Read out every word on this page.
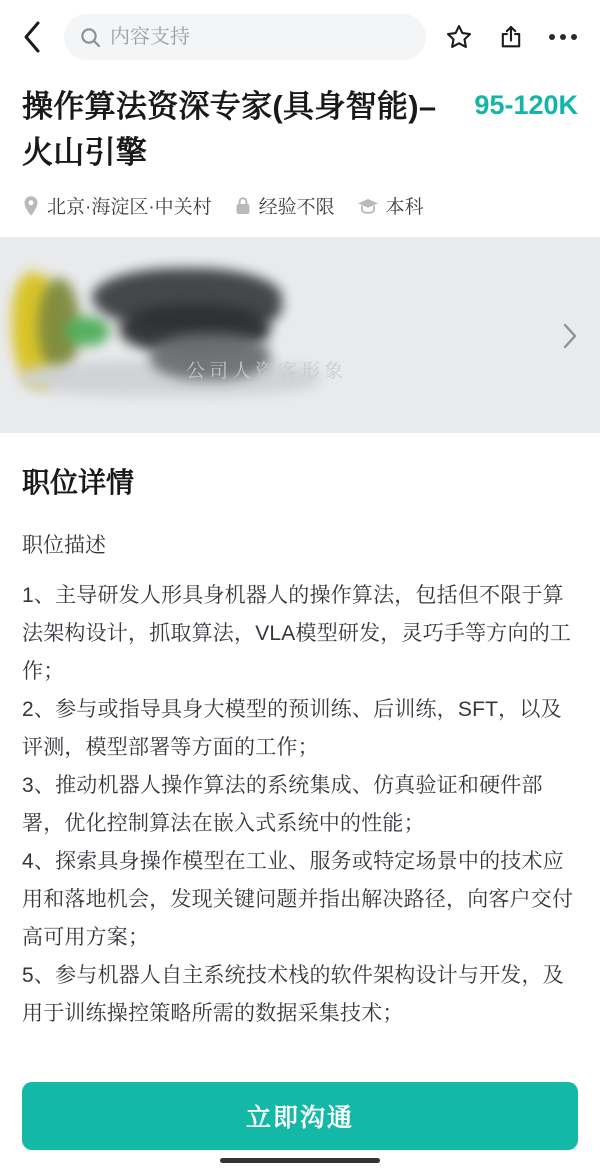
内容支持
操作算法资深专家(具身智能)–火山引擎
95-120K
北京·海淀区·中关村 经验不限	本科
公司人资客形象
职位详情
职位描述
1、主导研发人形具身机器人的操作算法，包括但不限于算法架构设计，抓取算法，VLA模型研发，灵巧手等方向的工作；
2、参与或指导具身大模型的预训练、后训练，SFT，以及评测，模型部署等方面的工作；
3、推动机器人操作算法的系统集成、仿真验证和硬件部署，优化控制算法在嵌入式系统中的性能；
4、探索具身操作模型在工业、服务或特定场景中的技术应用和落地机会，发现关键问题并指出解决路径，向客户交付高可用方案；
5、参与机器人自主系统技术栈的软件架构设计与开发，及用于训练操控策略所需的数据采集技术；
立即沟通
